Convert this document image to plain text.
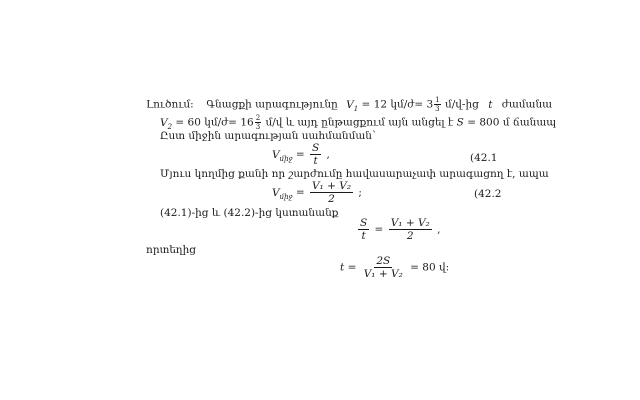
Լուծում: Գնացքի արագությունը $V_1 = 12$ կմ/ժ= $3 \frac{1}{3}$ մ/վ-ից t ժամանա
$V_2 = 60$ կմ/ժ= $16 \frac{2}{3}$ մ/վ և այդ ընթացքում այն անցել է S = 800 մ ճանապ
Ըստ միջին արագության սահմանման`
$V_{միջ} = \frac{S}{t}$ ,	(42.1
Մյուս կողմից քանի որ շարժումը հավասարաչափ արագացող է, ապա
$V_{միջ} = \frac{\text{V₁ + V₂}}{2}$ ;	(42.2
(42.1)-ից և (42.2)-ից կստանանք
$\frac{S}{t} = \frac{\text{V₁ + V₂}}{2}$ ,
որտեղից
$t = \frac{2S}{\text{V₁ + V₂}} = 80$ վ:
